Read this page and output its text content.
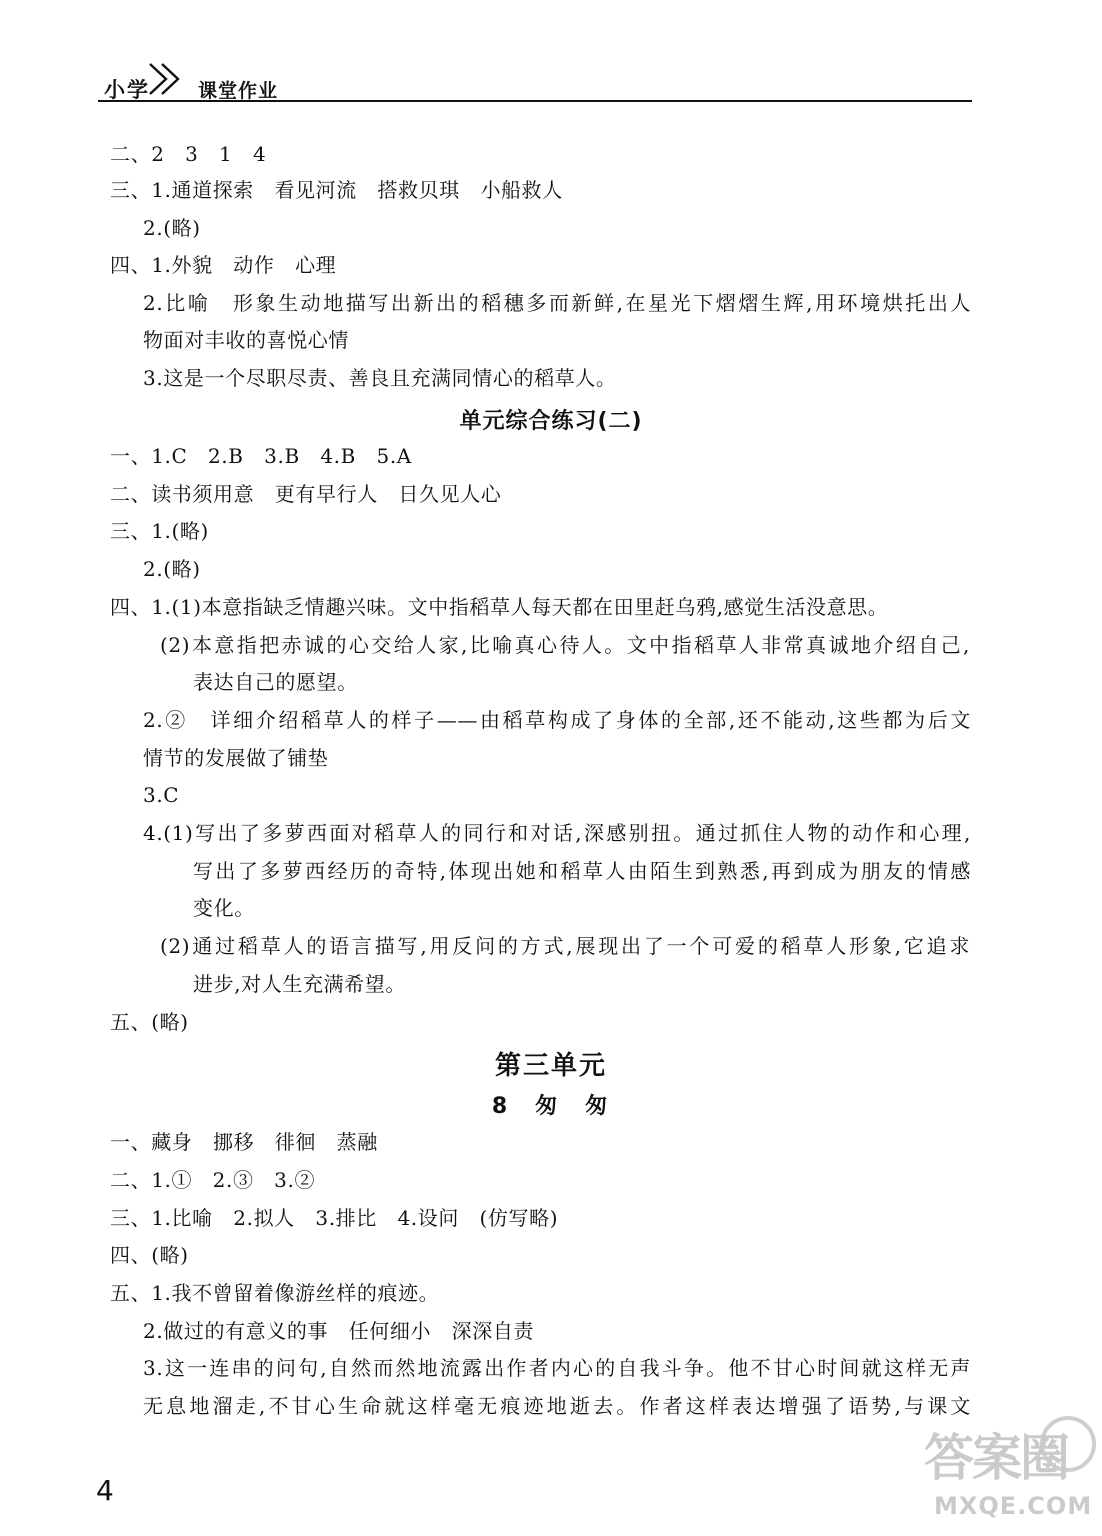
小学	课堂作业
二、2　3　1　4
三、1.通道探索　看见河流　搭救贝琪　小船救人
2.(略)
四、1.外貌　动作　心理
2.比喻　形象生动地描写出新出的稻穗多而新鲜,在星光下熠熠生辉,用环境烘托出人
物面对丰收的喜悦心情
3.这是一个尽职尽责、善良且充满同情心的稻草人。
单元综合练习(二)
一、1.C　2.B　3.B　4.B　5.A
二、读书须用意　更有早行人　日久见人心
三、1.(略)
2.(略)
四、1.(1)本意指缺乏情趣兴味。文中指稻草人每天都在田里赶乌鸦,感觉生活没意思。
(2)本意指把赤诚的心交给人家,比喻真心待人。文中指稻草人非常真诚地介绍自己,
表达自己的愿望。
2.②　详细介绍稻草人的样子——由稻草构成了身体的全部,还不能动,这些都为后文
情节的发展做了铺垫
3.C
4.(1)写出了多萝西面对稻草人的同行和对话,深感别扭。通过抓住人物的动作和心理,
写出了多萝西经历的奇特,体现出她和稻草人由陌生到熟悉,再到成为朋友的情感
变化。
(2)通过稻草人的语言描写,用反问的方式,展现出了一个可爱的稻草人形象,它追求
进步,对人生充满希望。
五、(略)
第三单元
8　匆　匆
一、藏身　挪移　徘徊　蒸融
二、1.①　2.③　3.②
三、1.比喻　2.拟人　3.排比　4.设问　(仿写略)
四、(略)
五、1.我不曾留着像游丝样的痕迹。
2.做过的有意义的事　任何细小　深深自责
3.这一连串的问句,自然而然地流露出作者内心的自我斗争。他不甘心时间就这样无声
无息地溜走,不甘心生命就这样毫无痕迹地逝去。作者这样表达增强了语势,与课文
4
答案圈
MXQE.COM
